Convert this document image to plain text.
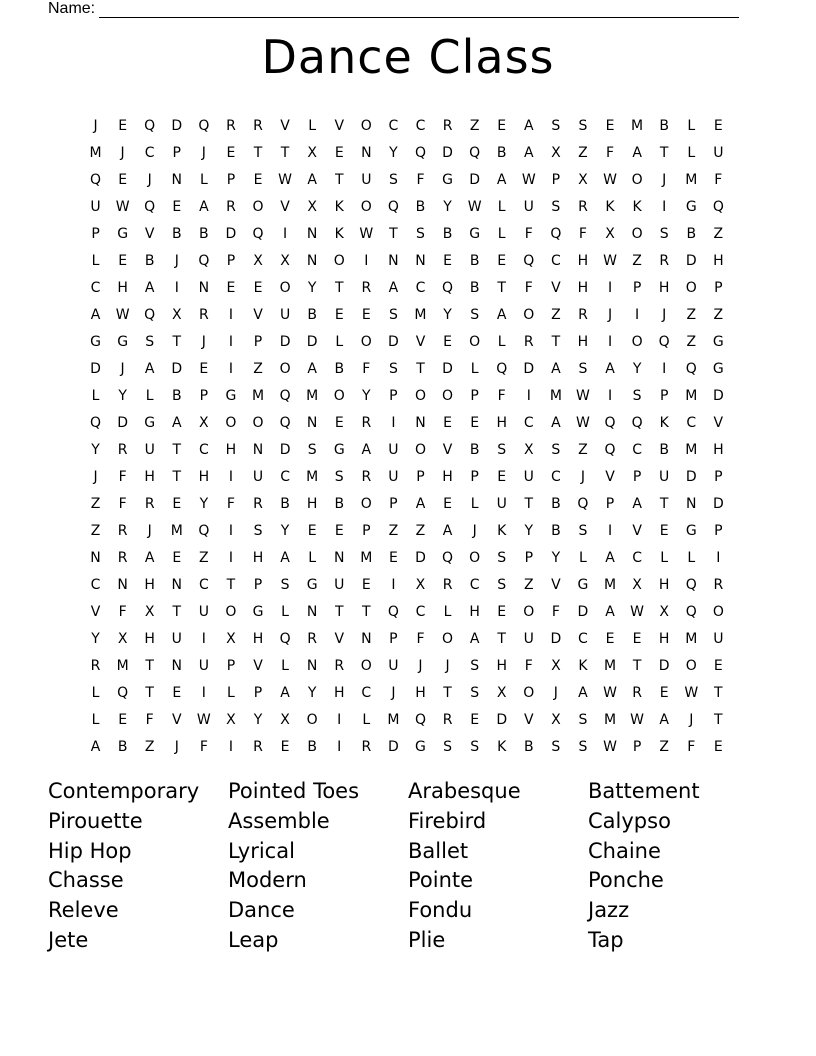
Name:
Dance Class
J	E	Q	D	Q	R	R	V	L	V	O	C	C	R	Z	E	A	S	S	E	M	B	L	E
M	J	C	P	J	E	T	T	X	E	N	Y	Q	D	Q	B	A	X	Z	F	A	T	L	U
Q	E	J	N	L	P	E	W	A	T	U	S	F	G	D	A	W	P	X	W	O	J	M	F
U	W	Q	E	A	R	O	V	X	K	O	Q	B	Y	W	L	U	S	R	K	K	I	G	Q
P	G	V	B	B	D	Q	I	N	K	W	T	S	B	G	L	F	Q	F	X	O	S	B	Z
L	E	B	J	Q	P	X	X	N	O	I	N	N	E	B	E	Q	C	H	W	Z	R	D	H
C	H	A	I	N	E	E	O	Y	T	R	A	C	Q	B	T	F	V	H	I	P	H	O	P
A	W	Q	X	R	I	V	U	B	E	E	S	M	Y	S	A	O	Z	R	J	I	J	Z	Z
G	G	S	T	J	I	P	D	D	L	O	D	V	E	O	L	R	T	H	I	O	Q	Z	G
D	J	A	D	E	I	Z	O	A	B	F	S	T	D	L	Q	D	A	S	A	Y	I	Q	G
L	Y	L	B	P	G	M	Q	M	O	Y	P	O	O	P	F	I	M	W	I	S	P	M	D
Q	D	G	A	X	O	O	Q	N	E	R	I	N	E	E	H	C	A	W	Q	Q	K	C	V
Y	R	U	T	C	H	N	D	S	G	A	U	O	V	B	S	X	S	Z	Q	C	B	M	H
J	F	H	T	H	I	U	C	M	S	R	U	P	H	P	E	U	C	J	V	P	U	D	P
Z	F	R	E	Y	F	R	B	H	B	O	P	A	E	L	U	T	B	Q	P	A	T	N	D
Z	R	J	M	Q	I	S	Y	E	E	P	Z	Z	A	J	K	Y	B	S	I	V	E	G	P
N	R	A	E	Z	I	H	A	L	N	M	E	D	Q	O	S	P	Y	L	A	C	L	L	I
C	N	H	N	C	T	P	S	G	U	E	I	X	R	C	S	Z	V	G	M	X	H	Q	R
V	F	X	T	U	O	G	L	N	T	T	Q	C	L	H	E	O	F	D	A	W	X	Q	O
Y	X	H	U	I	X	H	Q	R	V	N	P	F	O	A	T	U	D	C	E	E	H	M	U
R	M	T	N	U	P	V	L	N	R	O	U	J	J	S	H	F	X	K	M	T	D	O	E
L	Q	T	E	I	L	P	A	Y	H	C	J	H	T	S	X	O	J	A	W	R	E	W	T
L	E	F	V	W	X	Y	X	O	I	L	M	Q	R	E	D	V	X	S	M	W	A	J	T
A	B	Z	J	F	I	R	E	B	I	R	D	G	S	S	K	B	S	S	W	P	Z	F	E
Contemporary	Pointed Toes	Arabesque	Battement
Pirouette	Assemble	Firebird	Calypso
Hip Hop	Lyrical	Ballet	Chaine
Chasse	Modern	Pointe	Ponche
Releve	Dance	Fondu	Jazz
Jete	Leap	Plie	Tap
